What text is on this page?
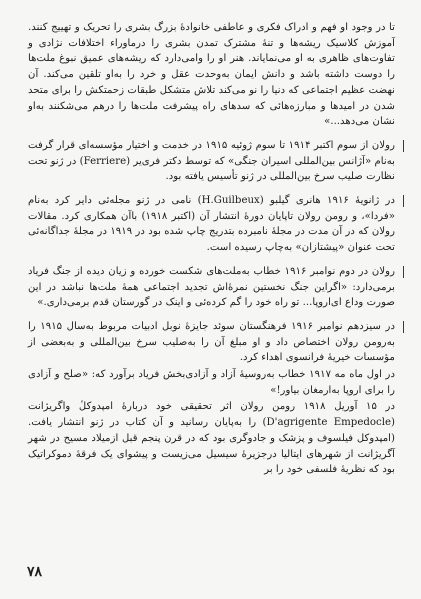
تا در وجود او فهم و ادراک فکری و عاطفی خانوادهٔ بزرگ بشری را تحریک و تهییج کنند. آموزش کلاسیک ریشه‌ها و تنهٔ مشترک تمدن بشری را درماوراء اختلافات نژادی و تفاوت‌های ظاهری به او می‌نمایاند. هنر او را وامی‌دارد که ریشه‌های عمیق نبوغ ملت‌ها را دوست داشته باشد و دانش ایمان به‌وحدت عقل و خرد را به‌او تلقین می‌کند. آن نهضت عظیم اجتماعی که دنیا را نو می‌کند تلاش متشکل طبقات زحمتکش را برای متحد شدن در امیدها و مبارزه‌هائی که سدهای راه پیشرفت ملت‌ها را درهم می‌شکنند به‌او نشان می‌دهد...»

رولان از سوم اکتبر ۱۹۱۴ تا سوم ژوئیه ۱۹۱۵ در خدمت و اختیار مؤسسه‌ای قرار گرفت به‌نام «آژانس بین‌المللی اسیران جنگی» که توسط دکتر فری‌یر (Ferriere) در ژنو تحت نظارت صلیب سرخ بین‌المللی در ژنو تأسیس یافته بود.

در ژانویهٔ ۱۹۱۶ هانری گیلبو (H.Guilbeux) نامی در ژنو مجله‌ئی دایر کرد به‌نام «فردا»، و رومن رولان تاپایان دورهٔ انتشار آن (اکتبر ۱۹۱۸) با‌آن همکاری کرد. مقالات رولان که در آن مدت در مجلهٔ نامبرده بتدریج چاپ شده بود در ۱۹۱۹ در مجلهٔ جداگانه‌ئی تحت عنوان «پیشتازان» به‌چاپ رسیده است.

رولان در دوم نوامبر ۱۹۱۶ خطاب به‌ملت‌های شکست خورده و زیان دیده از جنگ فریاد برمی‌دارد: «اگراین جنگ نخستین نمرهٔ‌اش تجدید اجتماعی همهٔ ملت‌ها نباشد در این صورت وداع ای‌اروپا... تو راه خود را گم کرده‌ئی و اینک در گورستان قدم برمی‌داری.»

در سیزدهم نوامبر ۱۹۱۶ فرهنگستان سوئد جایزهٔ نوبل ادبیات مربوط به‌سال ۱۹۱۵ را به‌رومن رولان اختصاص داد و او مبلغ آن را به‌صلیب سرخ بین‌المللی و به‌بعضی از مؤسسات خیریهٔ فرانسوی اهداء کرد.

در اول ماه مه ۱۹۱۷ خطاب به‌روسیهٔ آزاد و آزادی‌بخش فریاد برآورد که: «صلح و آزادی را برای اروپا به‌ارمغان بیاور!»

در ۱۵ آوریل ۱۹۱۸ رومن رولان اثر تحقیقی خود دربارهٔ امپدوکلٔ واگریژانت (D'agrigente Empedocle) را به‌پایان رسانید و آن کتاب در ژنو انتشار یافت. (امپدوکل فیلسوف و پزشک و جادوگری بود که در قرن پنجم قبل ازمیلاد مسیح در شهر آگریژانت از شهرهای ایتالیا درجزیرهٔ سیسیل می‌زیست و پیشوای یک فرقهٔ دموکراتیک بود که نظریهٔ فلسفی خود را بر

۷۸
